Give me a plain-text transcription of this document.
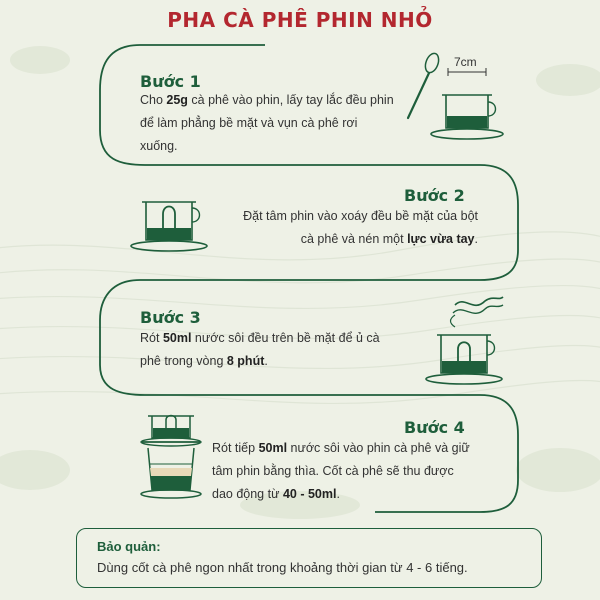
PHA CÀ PHÊ PHIN NHỎ
Bước 1
Cho 25g cà phê vào phin, lấy tay lắc đều phin để làm phẳng bề mặt và vụn cà phê rơi xuống.
7cm
Bước 2
Đặt tâm phin vào xoáy đều bề mặt của bột cà phê và nén một lực vừa tay.
Bước 3
Rót 50ml nước sôi đều trên bề mặt để ủ cà phê trong vòng 8 phút.
Bước 4
Rót tiếp 50ml nước sôi vào phin cà phê và giữ tâm phin bằng thìa. Cốt cà phê sẽ thu được dao động từ 40 - 50ml.
Bảo quản:
Dùng cốt cà phê ngon nhất trong khoảng thời gian từ 4 - 6 tiếng.
